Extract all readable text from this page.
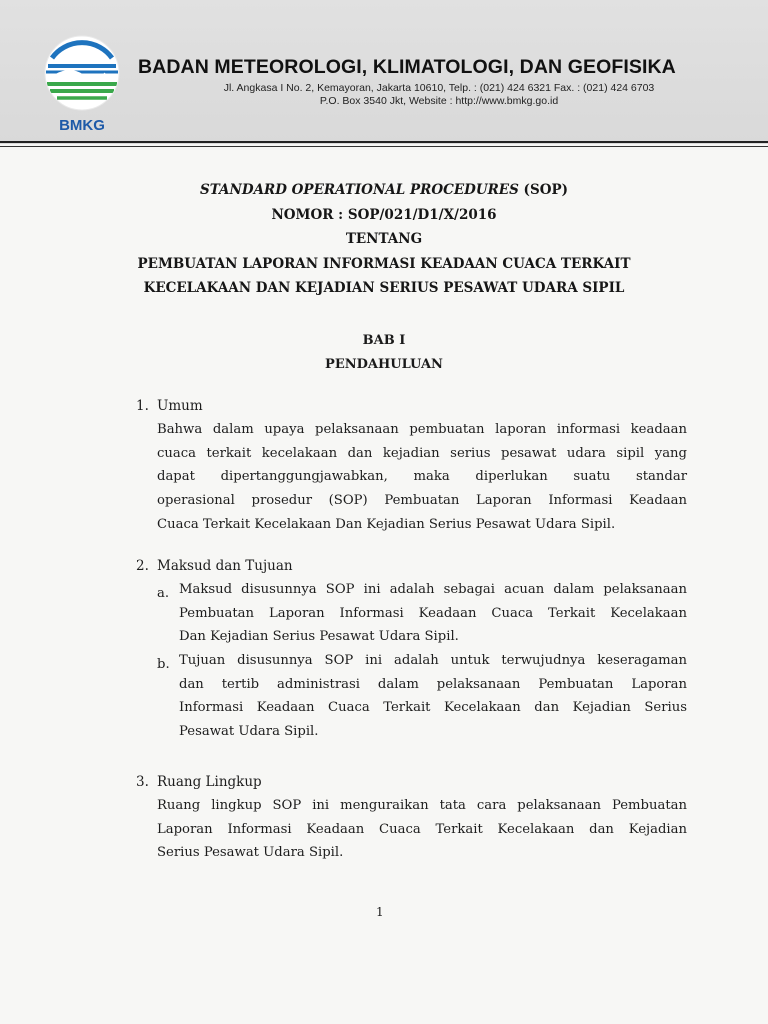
BMKG
BADAN METEOROLOGI, KLIMATOLOGI, DAN GEOFISIKA
Jl. Angkasa I No. 2, Kemayoran, Jakarta 10610, Telp. : (021) 424 6321 Fax. : (021) 424 6703
P.O. Box 3540 Jkt, Website : http://www.bmkg.go.id
STANDARD OPERATIONAL PROCEDURES (SOP)
NOMOR : SOP/021/D1/X/2016
TENTANG
PEMBUATAN LAPORAN INFORMASI KEADAAN CUACA TERKAIT
KECELAKAAN DAN KEJADIAN SERIUS PESAWAT UDARA SIPIL
BAB I
PENDAHULUAN
1. Umum
Bahwa dalam upaya pelaksanaan pembuatan laporan informasi keadaan
cuaca terkait kecelakaan dan kejadian serius pesawat udara sipil yang
dapat dipertanggungjawabkan, maka diperlukan suatu standar
operasional prosedur (SOP) Pembuatan Laporan Informasi Keadaan
Cuaca Terkait Kecelakaan Dan Kejadian Serius Pesawat Udara Sipil.
2. Maksud dan Tujuan
a. Maksud disusunnya SOP ini adalah sebagai acuan dalam pelaksanaan
Pembuatan Laporan Informasi Keadaan Cuaca Terkait Kecelakaan
Dan Kejadian Serius Pesawat Udara Sipil.
b. Tujuan disusunnya SOP ini adalah untuk terwujudnya keseragaman
dan tertib administrasi dalam pelaksanaan Pembuatan Laporan
Informasi Keadaan Cuaca Terkait Kecelakaan dan Kejadian Serius
Pesawat Udara Sipil.
3. Ruang Lingkup
Ruang lingkup SOP ini menguraikan tata cara pelaksanaan Pembuatan
Laporan Informasi Keadaan Cuaca Terkait Kecelakaan dan Kejadian
Serius Pesawat Udara Sipil.
1
